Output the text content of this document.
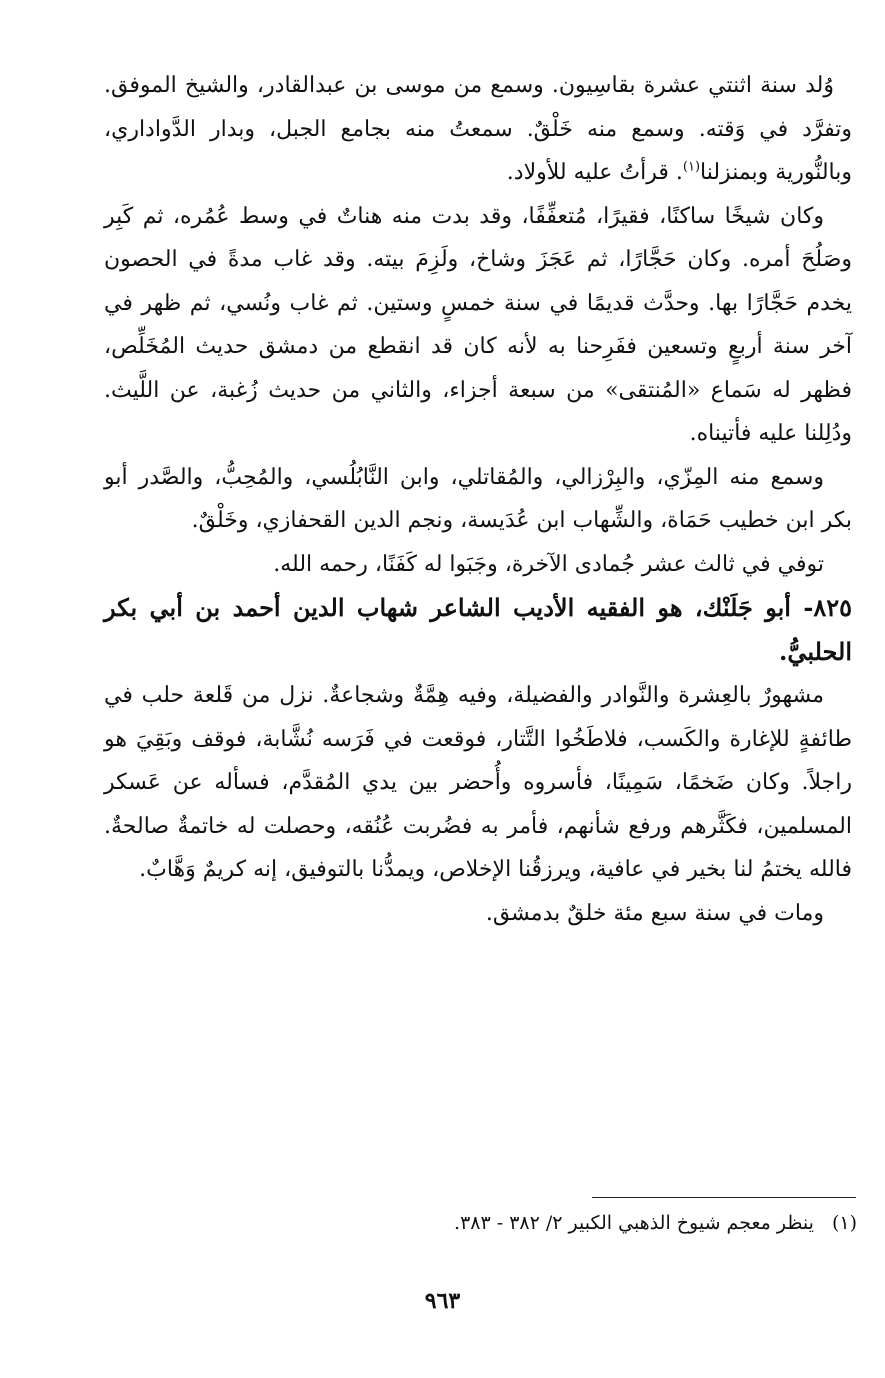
وُلد سنة اثنتي عشرة بقاسِيون. وسمع من موسى بن عبدالقادر، والشيخ الموفق. وتفرَّد في وَقته. وسمع منه خَلْقٌ. سمعتُ منه بجامع الجبل، وبدار الدَّواداري، وبالنُّورية وبمنزلنا$^{(١)}$. قرأتُ عليه للأولاد.

وكان شيخًا ساكنًا، فقيرًا، مُتعفِّفًا، وقد بدت منه هناتٌ في وسط عُمُره، ثم كَبِر وصَلُحَ أمره. وكان حَجَّارًا، ثم عَجَزَ وشاخ، ولَزِمَ بيته. وقد غاب مدةً في الحصون يخدم حَجَّارًا بها. وحدَّث قديمًا في سنة خمسٍ وستين. ثم غاب ونُسي، ثم ظهر في آخر سنة أربعٍ وتسعين ففَرِحنا به لأنه كان قد انقطع من دمشق حديث المُخَلِّص، فظهر له سَماع «المُنتقى» من سبعة أجزاء، والثاني من حديث زُغبة، عن اللَّيث. ودُلِلنا عليه فأتيناه.

وسمع منه المِزّي، والبِرْزالي، والمُقاتلي، وابن النَّابُلُسي، والمُحِبُّ، والصَّدر أبو بكر ابن خطيب حَمَاة، والشِّهاب ابن عُدَيسة، ونجم الدين القحفازي، وخَلْقٌ.

توفي في ثالث عشر جُمادى الآخرة، وجَبَوا له كَفَنًا، رحمه الله.

٨٢٥- أبو جَلَنْك، هو الفقيه الأديب الشاعر شهاب الدين أحمد بن أبي بكر الحلبيُّ.

مشهورٌ بالعِشرة والنَّوادر والفضيلة، وفيه هِمَّةٌ وشجاعةٌ. نزل من قَلعة حلب في طائفةٍ للإغارة والكَسب، فلاطَخُوا التَّتار، فوقعت في فَرَسه نُشَّابة، فوقف وبَقِيَ هو راجلاً. وكان ضَخمًا، سَمِينًا، فأسروه وأُحضر بين يدي المُقدَّم، فسأله عن عَسكر المسلمين، فكَثَّرهم ورفع شأنهم، فأمر به فضُربت عُنُقه، وحصلت له خاتمةٌ صالحةٌ. فالله يختمُ لنا بخير في عافية، ويرزقُنا الإخلاص، ويمدُّنا بالتوفيق، إنه كريمٌ وَهَّابٌ.

ومات في سنة سبع مئة خلقٌ بدمشق.

(١)ينظر معجم شيوخ الذهبي الكبير ٢/ ٣٨٢ - ٣٨٣.
٩٦٣
